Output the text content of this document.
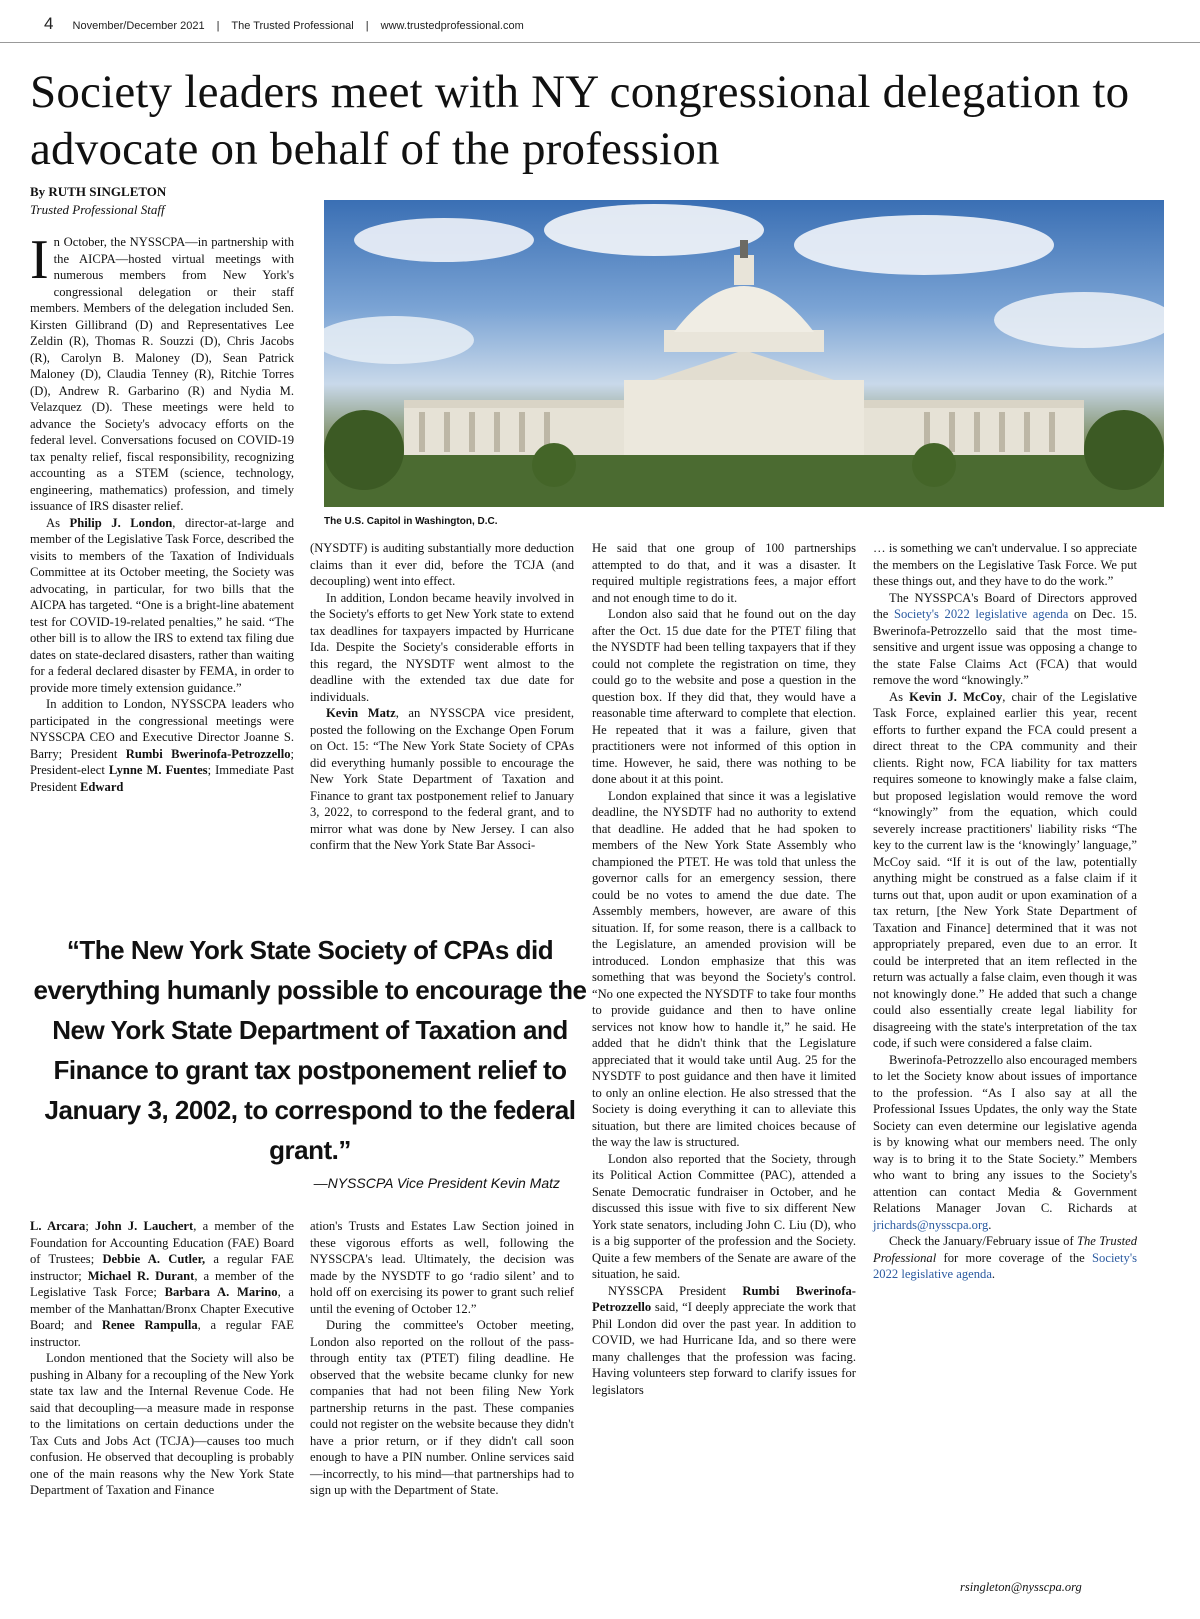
4 November/December 2021 | The Trusted Professional | www.trustedprofessional.com
Society leaders meet with NY congressional delegation to advocate on behalf of the profession
By RUTH SINGLETON
Trusted Professional Staff
The U.S. Capitol in Washington, D.C.

In October, the NYSSCPA—in partnership with the AICPA—hosted virtual meetings with numerous members from New York's congressional delegation or their staff members. Members of the delegation included Sen. Kirsten Gillibrand (D) and Representatives Lee Zeldin (R), Thomas R. Souzzi (D), Chris Jacobs (R), Carolyn B. Maloney (D), Sean Patrick Maloney (D), Claudia Tenney (R), Ritchie Torres (D), Andrew R. Garbarino (R) and Nydia M. Velazquez (D). These meetings were held to advance the Society's advocacy efforts on the federal level. Conversations focused on COVID-19 tax penalty relief, fiscal responsibility, recognizing accounting as a STEM (science, technology, engineering, mathematics) profession, and timely issuance of IRS disaster relief.

As Philip J. London, director-at-large and member of the Legislative Task Force, described the visits to members of the Taxation of Individuals Committee at its October meeting, the Society was advocating, in particular, for two bills that the AICPA has targeted. “One is a bright-line abatement test for COVID-19-related penalties,” he said. “The other bill is to allow the IRS to extend tax filing due dates on state-declared disasters, rather than waiting for a federal declared disaster by FEMA, in order to provide more timely extension guidance.”

In addition to London, NYSSCPA leaders who participated in the congressional meetings were NYSSCPA CEO and Executive Director Joanne S. Barry; President Rumbi Bwerinofa-Petrozzello; President-elect Lynne M. Fuentes; Immediate Past President Edward

(NYSDTF) is auditing substantially more deduction claims than it ever did, before the TCJA (and decoupling) went into effect.

In addition, London became heavily involved in the Society's efforts to get New York state to extend tax deadlines for taxpayers impacted by Hurricane Ida. Despite the Society's considerable efforts in this regard, the NYSDTF went almost to the deadline with the extended tax due date for individuals.

Kevin Matz, an NYSSCPA vice president, posted the following on the Exchange Open Forum on Oct. 15: “The New York State Society of CPAs did everything humanly possible to encourage the New York State Department of Taxation and Finance to grant tax postponement relief to January 3, 2022, to correspond to the federal grant, and to mirror what was done by New Jersey. I can also confirm that the New York State Bar Associ-

“The New York State Society of CPAs did everything humanly possible to encourage the New York State Department of Taxation and Finance to grant tax postponement relief to January 3, 2002, to correspond to the federal grant.”
—NYSSCPA Vice President Kevin Matz

L. Arcara; John J. Lauchert, a member of the Foundation for Accounting Education (FAE) Board of Trustees; Debbie A. Cutler, a regular FAE instructor; Michael R. Durant, a member of the Legislative Task Force; Barbara A. Marino, a member of the Manhattan/Bronx Chapter Executive Board; and Renee Rampulla, a regular FAE instructor.

London mentioned that the Society will also be pushing in Albany for a recoupling of the New York state tax law and the Internal Revenue Code. He said that decoupling—a measure made in response to the limitations on certain deductions under the Tax Cuts and Jobs Act (TCJA)—causes too much confusion. He observed that decoupling is probably one of the main reasons why the New York State Department of Taxation and Finance

ation's Trusts and Estates Law Section joined in these vigorous efforts as well, following the NYSSCPA's lead. Ultimately, the decision was made by the NYSDTF to go ‘radio silent’ and to hold off on exercising its power to grant such relief until the evening of October 12.”

During the committee's October meeting, London also reported on the rollout of the pass-through entity tax (PTET) filing deadline. He observed that the website became clunky for new companies that had not been filing New York partnership returns in the past. These companies could not register on the website because they didn't have a prior return, or if they didn't call soon enough to have a PIN number. Online services said—incorrectly, to his mind—that partnerships had to sign up with the Department of State.

He said that one group of 100 partnerships attempted to do that, and it was a disaster. It required multiple registrations fees, a major effort and not enough time to do it.

London also said that he found out on the day after the Oct. 15 due date for the PTET filing that the NYSDTF had been telling taxpayers that if they could not complete the registration on time, they could go to the website and pose a question in the question box. If they did that, they would have a reasonable time afterward to complete that election. He repeated that it was a failure, given that practitioners were not informed of this option in time. However, he said, there was nothing to be done about it at this point.

London explained that since it was a legislative deadline, the NYSDTF had no authority to extend that deadline. He added that he had spoken to members of the New York State Assembly who championed the PTET. He was told that unless the governor calls for an emergency session, there could be no votes to amend the due date. The Assembly members, however, are aware of this situation. If, for some reason, there is a callback to the Legislature, an amended provision will be introduced. London emphasize that this was something that was beyond the Society's control. “No one expected the NYSDTF to take four months to provide guidance and then to have online services not know how to handle it,” he said. He added that he didn't think that the Legislature appreciated that it would take until Aug. 25 for the NYSDTF to post guidance and then have it limited to only an online election. He also stressed that the Society is doing everything it can to alleviate this situation, but there are limited choices because of the way the law is structured.

London also reported that the Society, through its Political Action Committee (PAC), attended a Senate Democratic fundraiser in October, and he discussed this issue with five to six different New York state senators, including John C. Liu (D), who is a big supporter of the profession and the Society. Quite a few members of the Senate are aware of the situation, he said.

NYSSCPA President Rumbi Bwerinofa-Petrozzello said, “I deeply appreciate the work that Phil London did over the past year. In addition to COVID, we had Hurricane Ida, and so there were many challenges that the profession was facing. Having volunteers step forward to clarify issues for legislators

… is something we can't undervalue. I so appreciate the members on the Legislative Task Force. We put these things out, and they have to do the work.”

The NYSSPCA's Board of Directors approved the Society's 2022 legislative agenda on Dec. 15. Bwerinofa-Petrozzello said that the most time-sensitive and urgent issue was opposing a change to the state False Claims Act (FCA) that would remove the word “knowingly.”

As Kevin J. McCoy, chair of the Legislative Task Force, explained earlier this year, recent efforts to further expand the FCA could present a direct threat to the CPA community and their clients. Right now, FCA liability for tax matters requires someone to knowingly make a false claim, but proposed legislation would remove the word “knowingly” from the equation, which could severely increase practitioners' liability risks “The key to the current law is the ‘knowingly’ language,” McCoy said. “If it is out of the law, potentially anything might be construed as a false claim if it turns out that, upon audit or upon examination of a tax return, [the New York State Department of Taxation and Finance] determined that it was not appropriately prepared, even due to an error. It could be interpreted that an item reflected in the return was actually a false claim, even though it was not knowingly done.” He added that such a change could also essentially create legal liability for disagreeing with the state's interpretation of the tax code, if such were considered a false claim.

Bwerinofa-Petrozzello also encouraged members to let the Society know about issues of importance to the profession. “As I also say at all the Professional Issues Updates, the only way the State Society can even determine our legislative agenda is by knowing what our members need. The only way is to bring it to the State Society.” Members who want to bring any issues to the Society's attention can contact Media & Government Relations Manager Jovan C. Richards at jrichards@nysscpa.org.

Check the January/February issue of The Trusted Professional for more coverage of the Society's 2022 legislative agenda.

rsingleton@nysscpa.org
